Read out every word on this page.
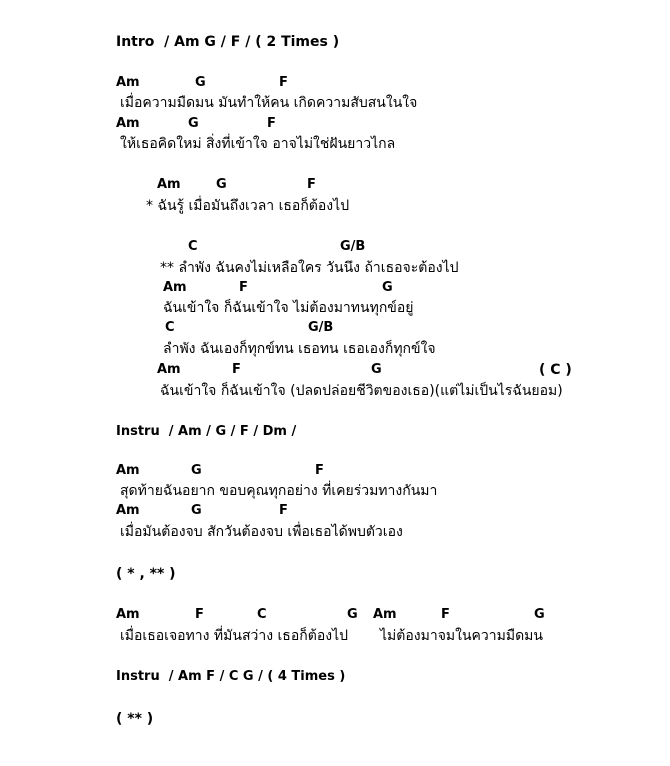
Intro  / Am G / F / ( 2 Times )
Am	G	F
เมื่อความมืดมน มันทำให้คน เกิดความสับสนในใจ
Am	G	F
ให้เธอคิดใหม่ สิ่งที่เข้าใจ อาจไม่ใช่ฝันยาวไกล
Am	G	F
* ฉันรู้ เมื่อมันถึงเวลา เธอก็ต้องไป
C	G/B
** ลำพัง ฉันคงไม่เหลือใคร วันนึง ถ้าเธอจะต้องไป
Am	F	G
ฉันเข้าใจ ก็ฉันเข้าใจ ไม่ต้องมาทนทุกข์อยู่
C	G/B
ลำพัง ฉันเองก็ทุกข์ทน เธอทน เธอเองก็ทุกข์ใจ
Am	F	G	( C )
ฉันเข้าใจ ก็ฉันเข้าใจ (ปลดปล่อยชีวิตของเธอ)(แต่ไม่เป็นไรฉันยอม)
Instru  / Am / G / F / Dm /
Am	G	F
สุดท้ายฉันอยาก ขอบคุณทุกอย่าง ที่เคยร่วมทางกันมา
Am	G	F
เมื่อมันต้องจบ สักวันต้องจบ เพื่อเธอได้พบตัวเอง
( * , ** )
Am	F	C	G Am	F	G
เมื่อเธอเจอทาง ที่มันสว่าง เธอก็ต้องไป ไม่ต้องมาจมในความมืดมน
Instru  / Am F / C G / ( 4 Times )
( ** )
